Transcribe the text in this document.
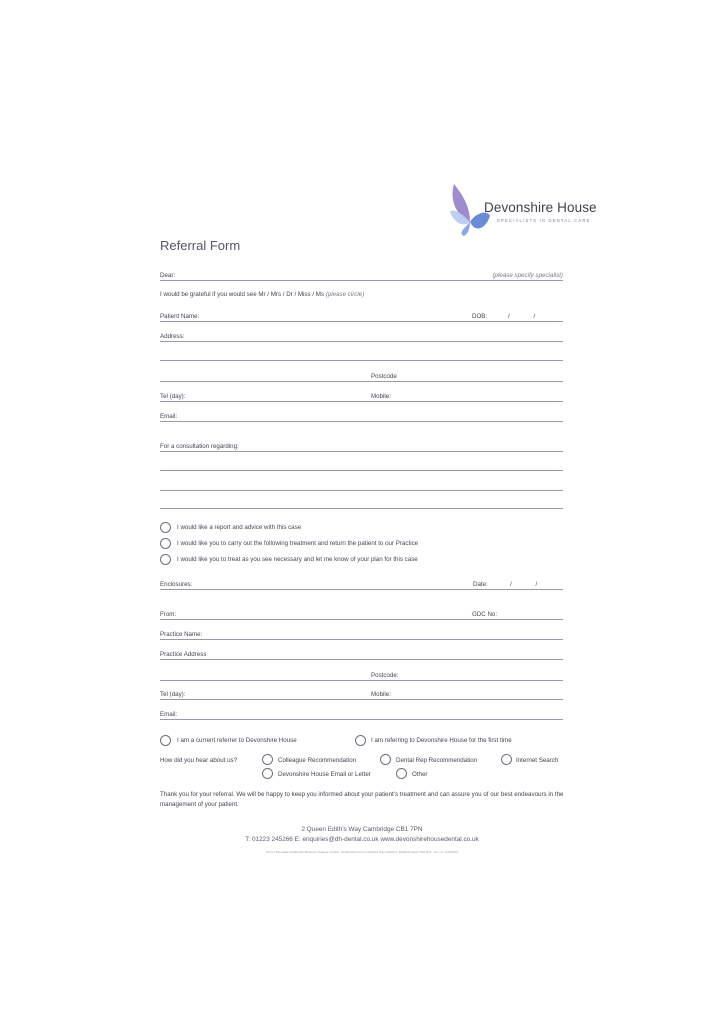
Devonshire House
SPECIALISTS IN DENTAL CARE
Referral Form
Dear:	(please specify specialist)
I would be grateful if you would see Mr / Mrs / Dr / Miss / Ms (please circle)
Patient Name:	DOB:	/ /
Address:
Postcode
Tel (day):	Mobile:
Email:
For a consultation regarding:
I would like a report and advice with this case
I would like you to carry out the following treatment and return the patient to our Practice
I would like you to treat as you see necessary and let me know of your plan for this case
Enclosures:	Date:	/ /
From:	GDC No:
Practice Name:
Practice Address
Postcode:
Tel (day):	Mobile:
Email:
I am a current referrer to Devonshire House	I am referring to Devonshire House for the first time
How did you hear about us?	Colleague Recommendation	Dental Rep Recommendation	Internet Search
Devonshire House Email or Letter	Other
Thank you for your referral. We will be happy to keep you informed about your patient's treatment and can assure you of our best endeavours in the management of your patient.
2 Queen Edith's Way Cambridge CB1 7PN
T: 01223 245266 E: enquiries@dh-dental.co.uk www.devonshirehousedental.co.uk
Part of Riverdale Healthcare Business Finance Limited, 16 Riverbury Court, Dartford Way, Dartford, Middlesbrough TS9 6QT · Co. no. 12345612
